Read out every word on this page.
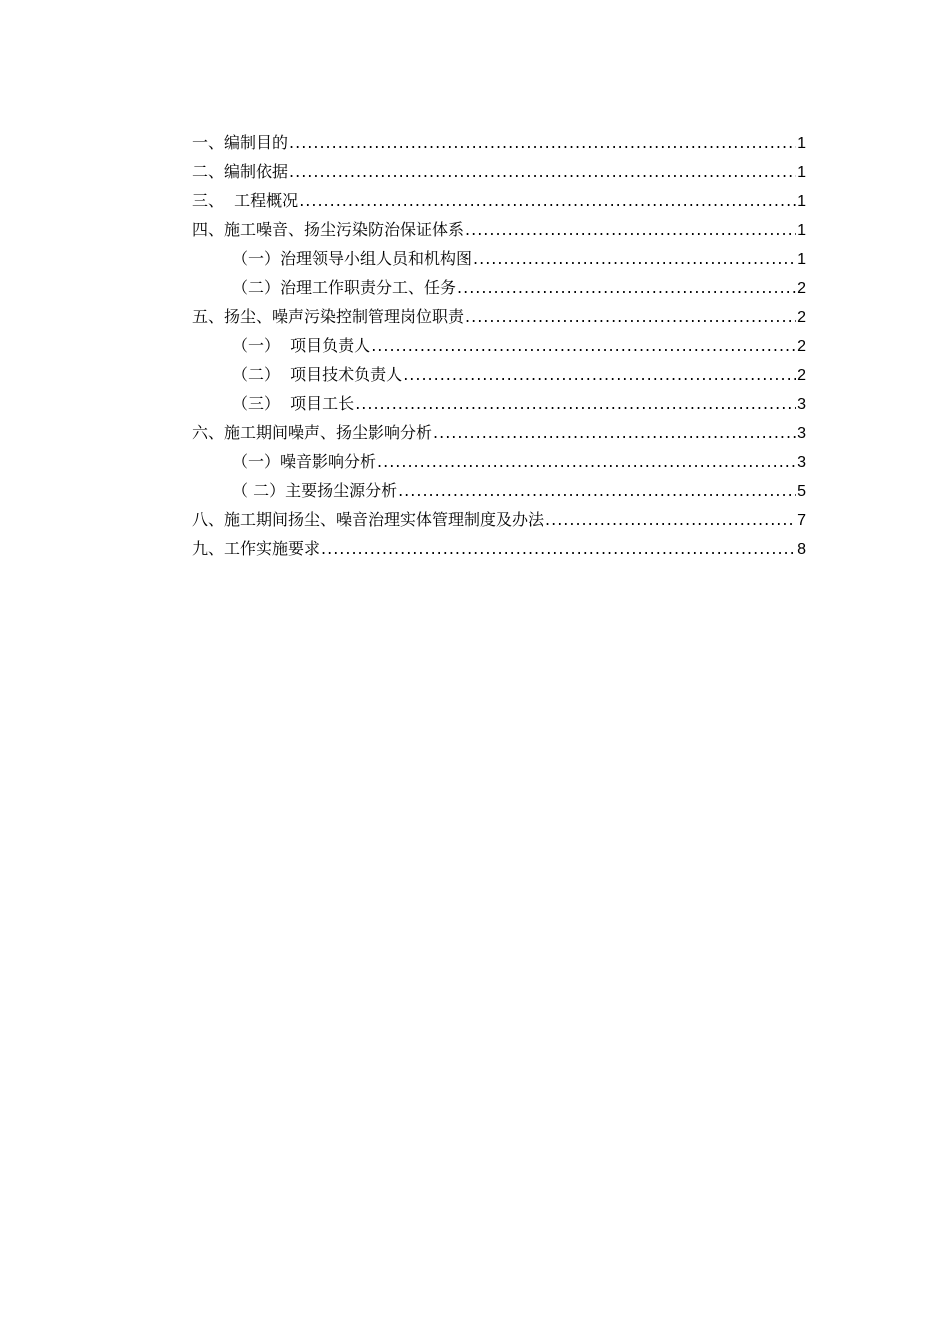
一、编制目的 .....	1
二、编制依据 .....	1
三、  工程概况 .....	1
四、施工噪音、扬尘污染防治保证体系 .....	1
（一）治理领导小组人员和机构图 .....	1
（二）治理工作职责分工、任务 .....	2
五、扬尘、噪声污染控制管理岗位职责 .....	2
（一）  项目负责人 .....	2
（二）  项目技术负责人 .....	2
（三）  项目工长 .....	3
六、施工期间噪声、扬尘影响分析 .....	3
（一）噪音影响分析 .....	3
（ 二）主要扬尘源分析 .....	5
八、施工期间扬尘、噪音治理实体管理制度及办法 .....	7
九、工作实施要求 .....	8
